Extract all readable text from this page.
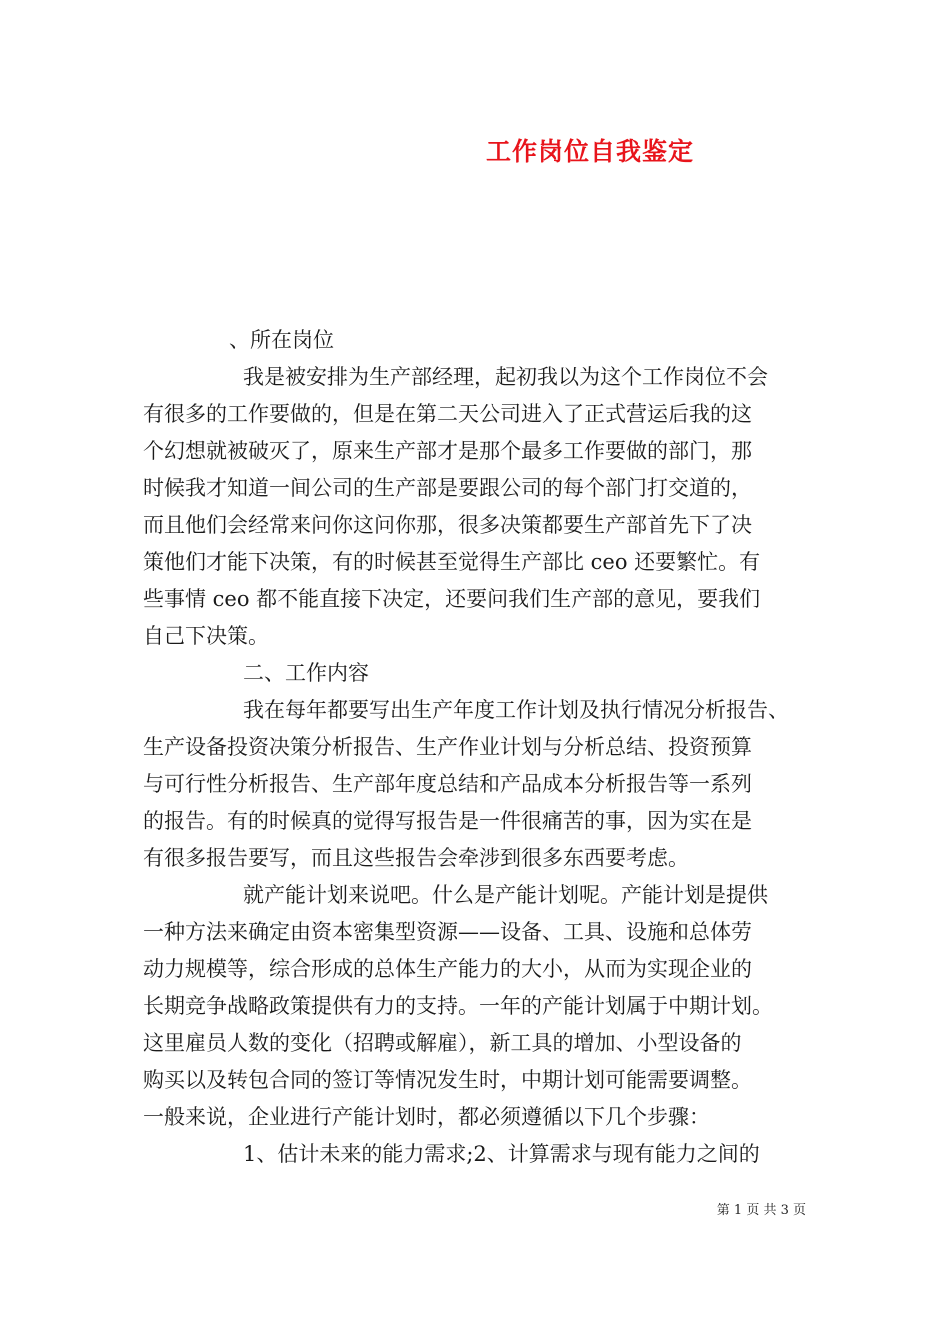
工作岗位自我鉴定
、所在岗位
我是被安排为生产部经理，起初我以为这个工作岗位不会
有很多的工作要做的，但是在第二天公司进入了正式营运后我的这
个幻想就被破灭了，原来生产部才是那个最多工作要做的部门，那
时候我才知道一间公司的生产部是要跟公司的每个部门打交道的，
而且他们会经常来问你这问你那，很多决策都要生产部首先下了决
策他们才能下决策，有的时候甚至觉得生产部比 ceo 还要繁忙。有
些事情 ceo 都不能直接下决定，还要问我们生产部的意见，要我们
自己下决策。
二、工作内容
我在每年都要写出生产年度工作计划及执行情况分析报告、
生产设备投资决策分析报告、生产作业计划与分析总结、投资预算
与可行性分析报告、生产部年度总结和产品成本分析报告等一系列
的报告。有的时候真的觉得写报告是一件很痛苦的事，因为实在是
有很多报告要写，而且这些报告会牵涉到很多东西要考虑。
就产能计划来说吧。什么是产能计划呢。产能计划是提供
一种方法来确定由资本密集型资源——设备、工具、设施和总体劳
动力规模等，综合形成的总体生产能力的大小，从而为实现企业的
长期竞争战略政策提供有力的支持。一年的产能计划属于中期计划。
这里雇员人数的变化（招聘或解雇），新工具的增加、小型设备的
购买以及转包合同的签订等情况发生时，中期计划可能需要调整。
一般来说，企业进行产能计划时，都必须遵循以下几个步骤：
1、估计未来的能力需求;2、计算需求与现有能力之间的
第 1 页 共 3 页
